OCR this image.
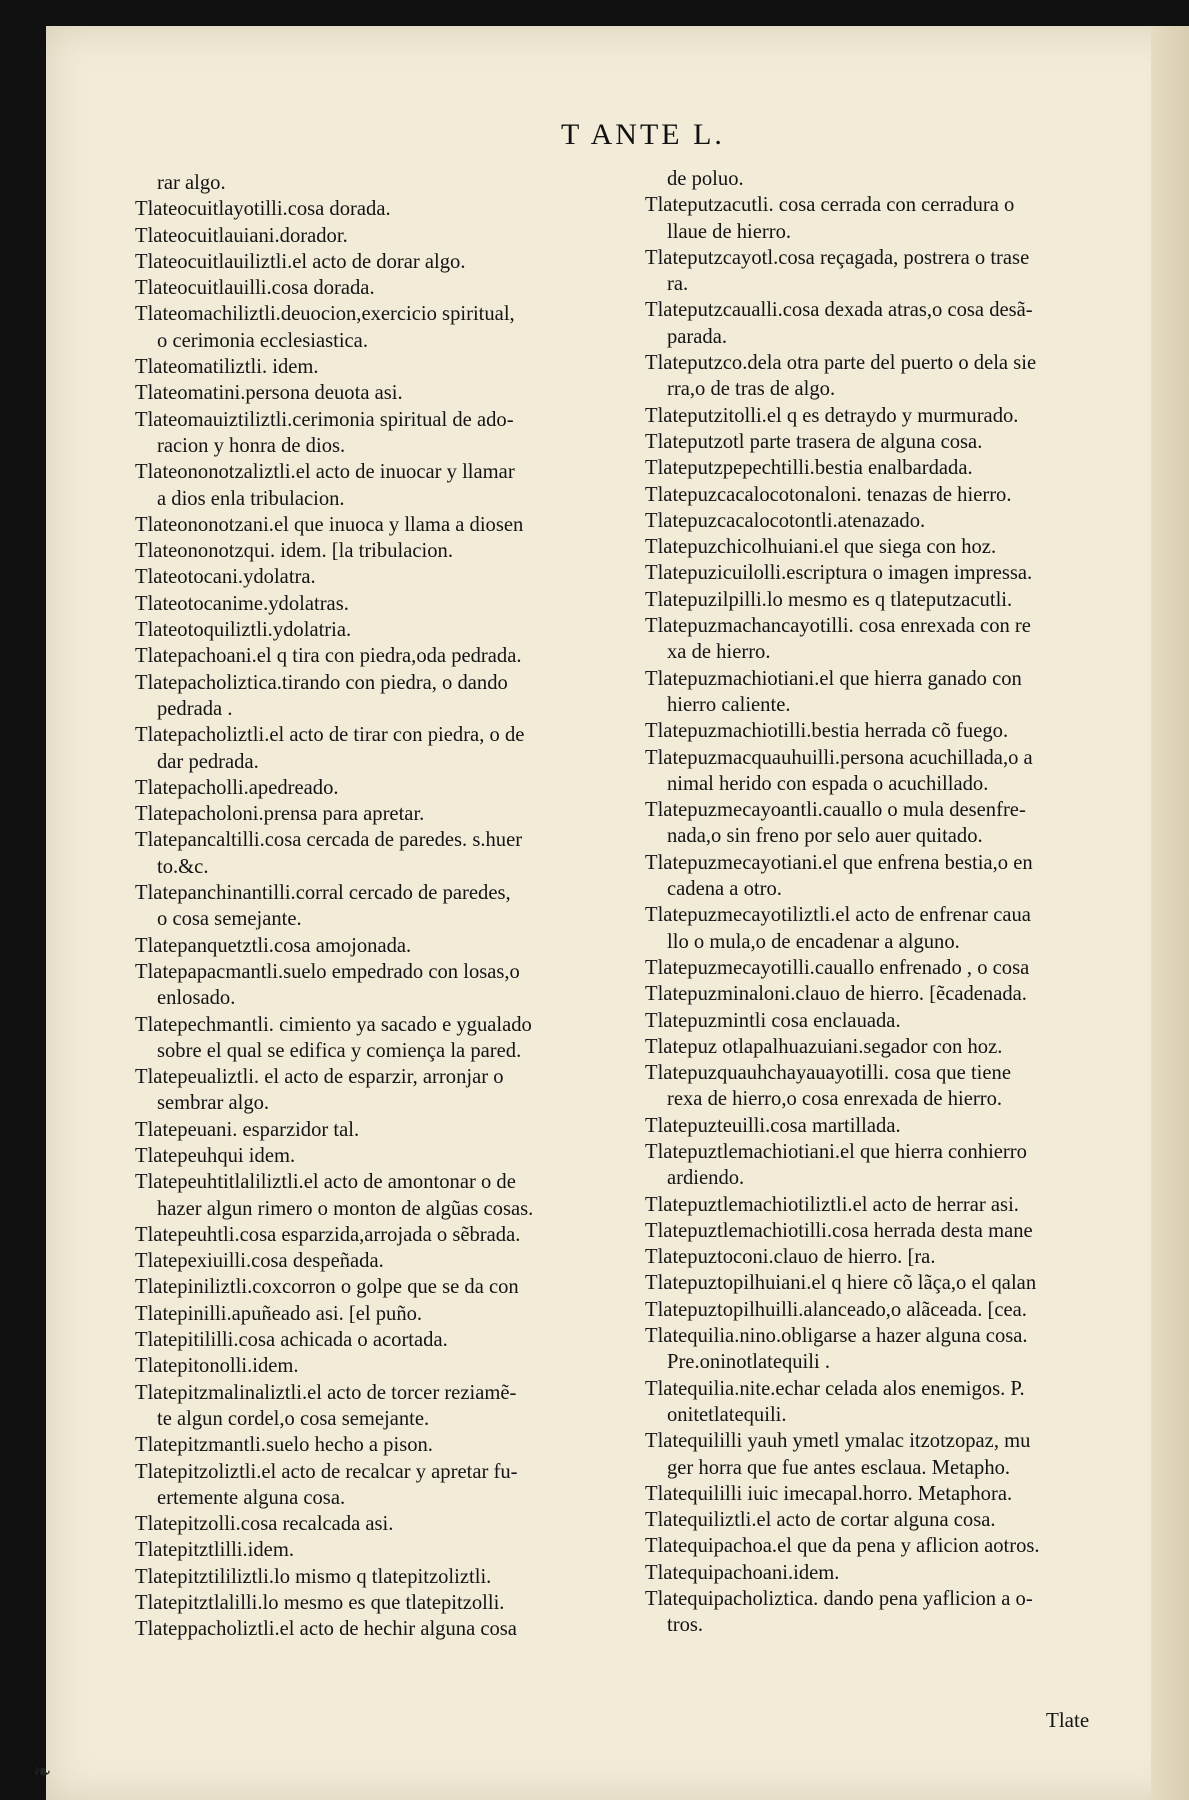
T ANTE L.
rar algo.
Tlateocuitlayotilli.cosa dorada.
Tlateocuitlauiani.dorador.
Tlateocuitlauiliztli.el acto de dorar algo.
Tlateocuitlauilli.cosa dorada.
Tlateomachiliztli.deuocion,exercicio spiritual,
o cerimonia ecclesiastica.
Tlateomatiliztli. idem.
Tlateomatini.persona deuota asi.
Tlateomauiztiliztli.cerimonia spiritual de ado-
racion y honra de dios.
Tlateononotzaliztli.el acto de inuocar y llamar
a dios enla tribulacion.
Tlateononotzani.el que inuoca y llama a diosen
Tlateononotzqui. idem. [la tribulacion.
Tlateotocani.ydolatra.
Tlateotocanime.ydolatras.
Tlateotoquiliztli.ydolatria.
Tlatepachoani.el q tira con piedra,oda pedrada.
Tlatepacholiztica.tirando con piedra, o dando
pedrada .
Tlatepacholiztli.el acto de tirar con piedra, o de
dar pedrada.
Tlatepacholli.apedreado.
Tlatepacholoni.prensa para apretar.
Tlatepancaltilli.cosa cercada de paredes. s.huer
to.&c.
Tlatepanchinantilli.corral cercado de paredes,
o cosa semejante.
Tlatepanquetztli.cosa amojonada.
Tlatepapacmantli.suelo empedrado con losas,o
enlosado.
Tlatepechmantli. cimiento ya sacado e ygualado
sobre el qual se edifica y comiença la pared.
Tlatepeualiztli. el acto de esparzir, arronjar o
sembrar algo.
Tlatepeuani. esparzidor tal.
Tlatepeuhqui idem.
Tlatepeuhtitlaliliztli.el acto de amontonar o de
hazer algun rimero o monton de algũas cosas.
Tlatepeuhtli.cosa esparzida,arrojada o sẽbrada.
Tlatepexiuilli.cosa despeñada.
Tlatepiniliztli.coxcorron o golpe que se da con
Tlatepinilli.apuñeado asi. [el puño.
Tlatepitililli.cosa achicada o acortada.
Tlatepitonolli.idem.
Tlatepitzmalinaliztli.el acto de torcer reziamẽ-
te algun cordel,o cosa semejante.
Tlatepitzmantli.suelo hecho a pison.
Tlatepitzoliztli.el acto de recalcar y apretar fu-
ertemente alguna cosa.
Tlatepitzolli.cosa recalcada asi.
Tlatepitztlilli.idem.
Tlatepitztililiztli.lo mismo q tlatepitzoliztli.
Tlatepitztlalilli.lo mesmo es que tlatepitzolli.
Tlateppacholiztli.el acto de hechir alguna cosa
de poluo.
Tlateputzacutli. cosa cerrada con cerradura o
llaue de hierro.
Tlateputzcayotl.cosa reçagada, postrera o trase
ra.
Tlateputzcaualli.cosa dexada atras,o cosa desã-
parada.
Tlateputzco.dela otra parte del puerto o dela sie
rra,o de tras de algo.
Tlateputzitolli.el q es detraydo y murmurado.
Tlateputzotl parte trasera de alguna cosa.
Tlateputzpepechtilli.bestia enalbardada.
Tlatepuzcacalocotonaloni. tenazas de hierro.
Tlatepuzcacalocotontli.atenazado.
Tlatepuzchicolhuiani.el que siega con hoz.
Tlatepuzicuilolli.escriptura o imagen impressa.
Tlatepuzilpilli.lo mesmo es q tlateputzacutli.
Tlatepuzmachancayotilli. cosa enrexada con re
xa de hierro.
Tlatepuzmachiotiani.el que hierra ganado con
hierro caliente.
Tlatepuzmachiotilli.bestia herrada cõ fuego.
Tlatepuzmacquauhuilli.persona acuchillada,o a
nimal herido con espada o acuchillado.
Tlatepuzmecayoantli.cauallo o mula desenfre-
nada,o sin freno por selo auer quitado.
Tlatepuzmecayotiani.el que enfrena bestia,o en
cadena a otro.
Tlatepuzmecayotiliztli.el acto de enfrenar caua
llo o mula,o de encadenar a alguno.
Tlatepuzmecayotilli.cauallo enfrenado , o cosa
Tlatepuzminaloni.clauo de hierro. [ẽcadenada.
Tlatepuzmintli cosa enclauada.
Tlatepuz otlapalhuazuiani.segador con hoz.
Tlatepuzquauhchayauayotilli. cosa que tiene
rexa de hierro,o cosa enrexada de hierro.
Tlatepuzteuilli.cosa martillada.
Tlatepuztlemachiotiani.el que hierra conhierro
ardiendo.
Tlatepuztlemachiotiliztli.el acto de herrar asi.
Tlatepuztlemachiotilli.cosa herrada desta mane
Tlatepuztoconi.clauo de hierro. [ra.
Tlatepuztopilhuiani.el q hiere cõ lãça,o el qalan
Tlatepuztopilhuilli.alanceado,o alãceada. [cea.
Tlatequilia.nino.obligarse a hazer alguna cosa.
Pre.oninotlatequili .
Tlatequilia.nite.echar celada alos enemigos. P.
onitetlatequili.
Tlatequililli yauh ymetl ymalac itzotzopaz, mu
ger horra que fue antes esclaua. Metapho.
Tlatequililli iuic imecapal.horro. Metaphora.
Tlatequiliztli.el acto de cortar alguna cosa.
Tlatequipachoa.el que da pena y aflicion aotros.
Tlatequipachoani.idem.
Tlatequipacholiztica. dando pena yaflicion a o-
tros.
Tlate
❧
